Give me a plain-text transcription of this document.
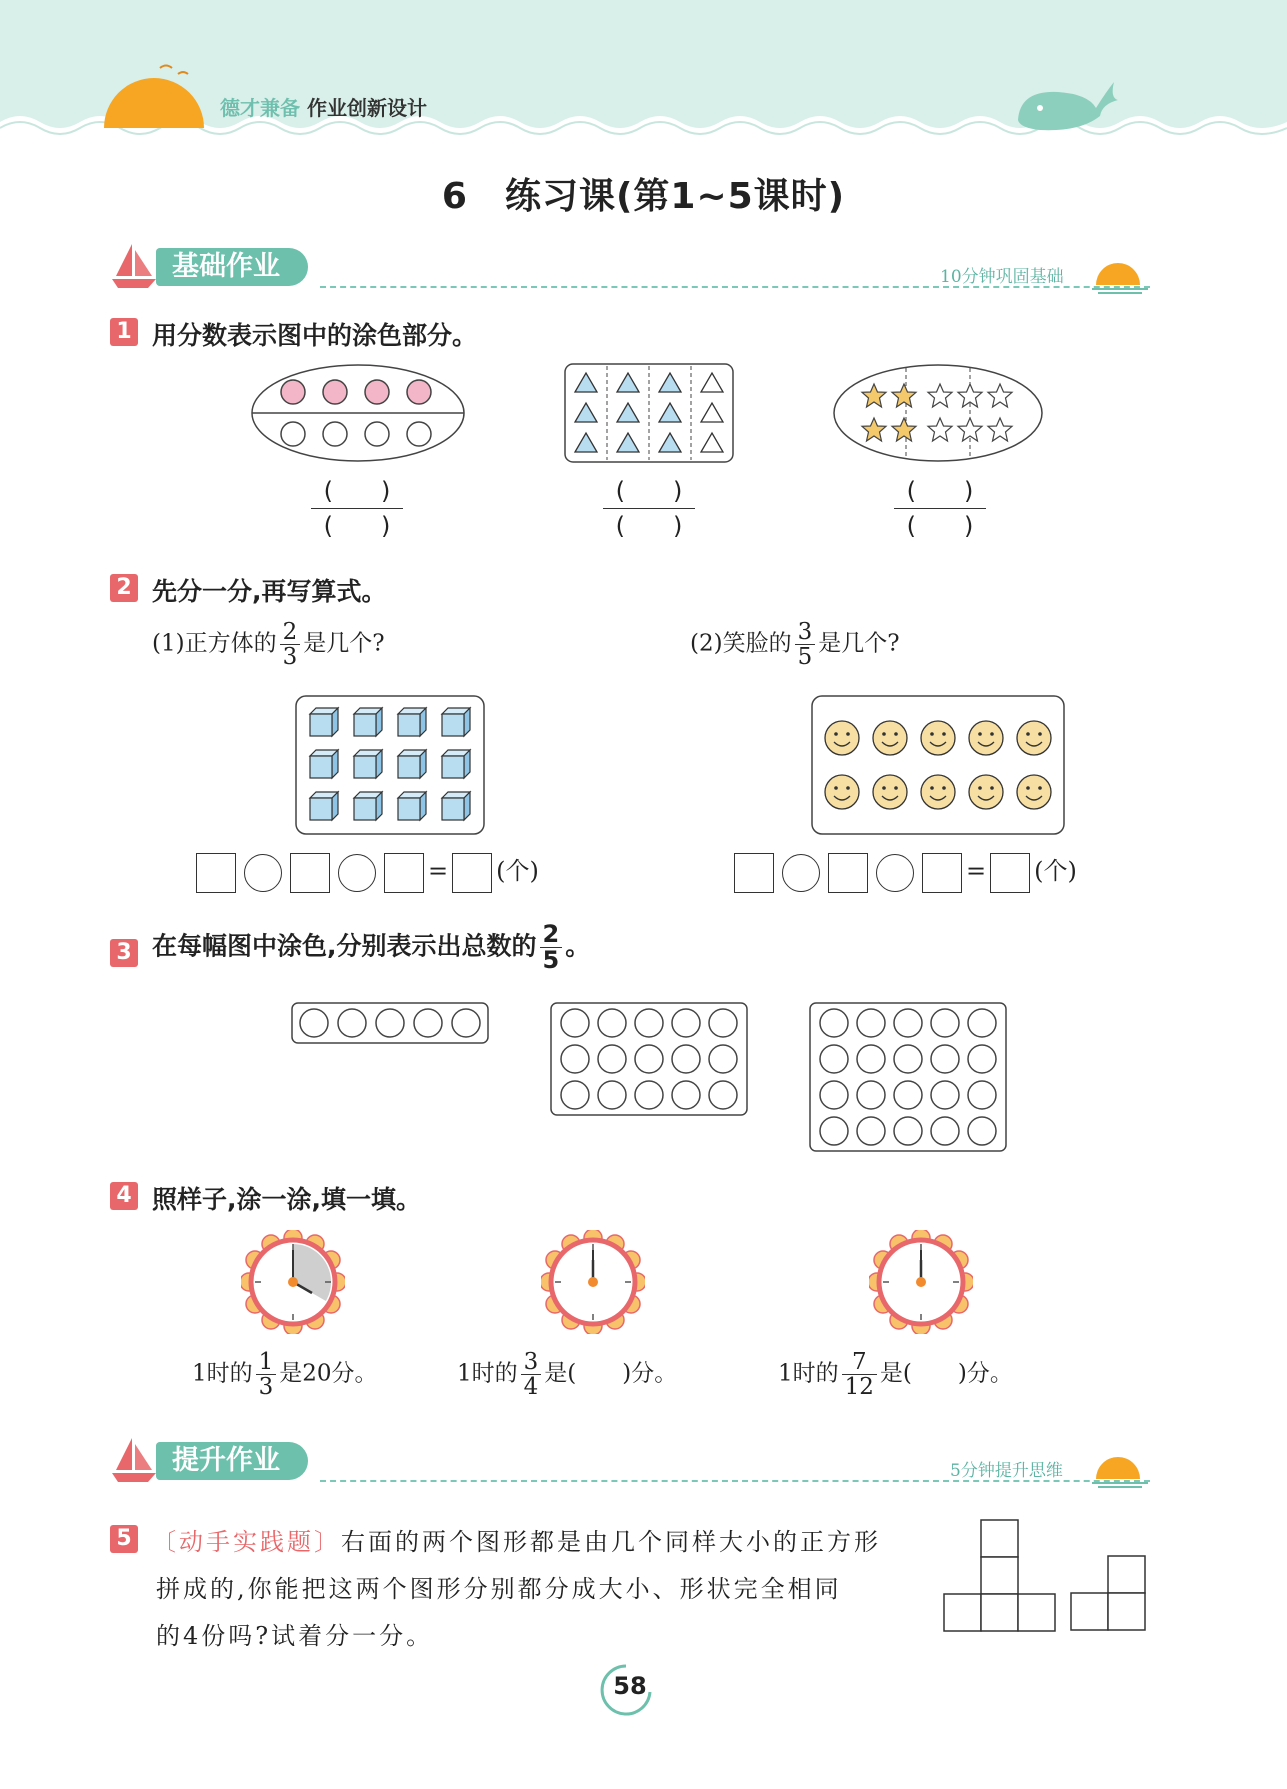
德才兼备 作业创新设计
6　练习课(第1~5课时)
基础作业	10分钟巩固基础
1 用分数表示图中的涂色部分。
(　　)
(　　)
(　　)
(　　)
(　　)
(　　)
2 先分一分,再写算式。
(1)正方体的 $\frac{2}{3}$ 是几个?	(2)笑脸的 $\frac{3}{5}$ 是几个?
= (个)	= (个)
3 在每幅图中涂色,分别表示出总数的 $\frac{2}{5}$ 。
4 照样子,涂一涂,填一填。
1时的 $\frac{1}{3}$ 是20分。	1时的 $\frac{3}{4}$ 是(　　)分。	1时的 $\frac{7}{12}$ 是(　　)分。
提升作业	5分钟提升思维
5 〔动手实践题〕右面的两个图形都是由几个同样大小的正方形
拼成的,你能把这两个图形分别都分成大小、形状完全相同
的4份吗?试着分一分。
58
